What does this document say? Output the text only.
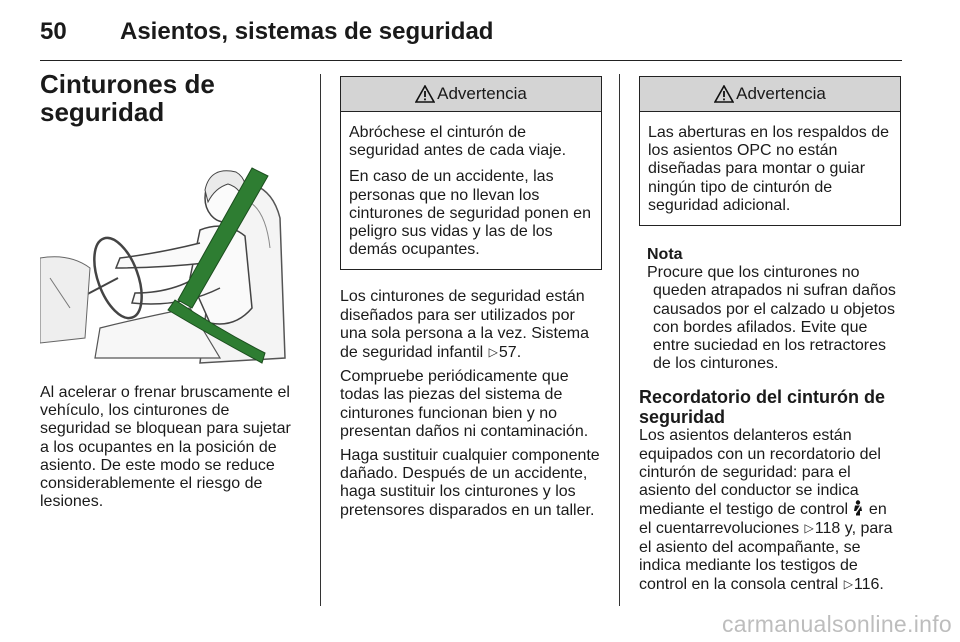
50 Asientos, sistemas de seguridad
Cinturones de seguridad

Al acelerar o frenar bruscamente el vehículo, los cinturones de seguridad se bloquean para sujetar a los ocupantes en la posición de asiento. De este modo se reduce considerablemente el riesgo de lesiones.

Advertencia

Abróchese el cinturón de seguridad antes de cada viaje.

En caso de un accidente, las personas que no llevan los cinturones de seguridad ponen en peligro sus vidas y las de los demás ocupantes.

Los cinturones de seguridad están diseñados para ser utilizados por una sola persona a la vez. Sistema de seguridad infantil ▷57.

Compruebe periódicamente que todas las piezas del sistema de cinturones funcionan bien y no presentan daños ni contaminación.

Haga sustituir cualquier componente dañado. Después de un accidente, haga sustituir los cinturones y los pretensores disparados en un taller.

Advertencia

Las aberturas en los respaldos de los asientos OPC no están diseñadas para montar o guiar ningún tipo de cinturón de seguridad adicional.

Nota
Procure que los cinturones no queden atrapados ni sufran daños causados por el calzado u objetos con bordes afilados. Evite que entre suciedad en los retractores de los cinturones.
Recordatorio del cinturón de seguridad

Los asientos delanteros están equipados con un recordatorio del cinturón de seguridad: para el asiento del conductor se indica mediante el testigo de control en el cuentarrevoluciones ▷118 y, para el asiento del acompañante, se indica mediante los testigos de control en la consola central ▷116.

carmanualsonline.info
